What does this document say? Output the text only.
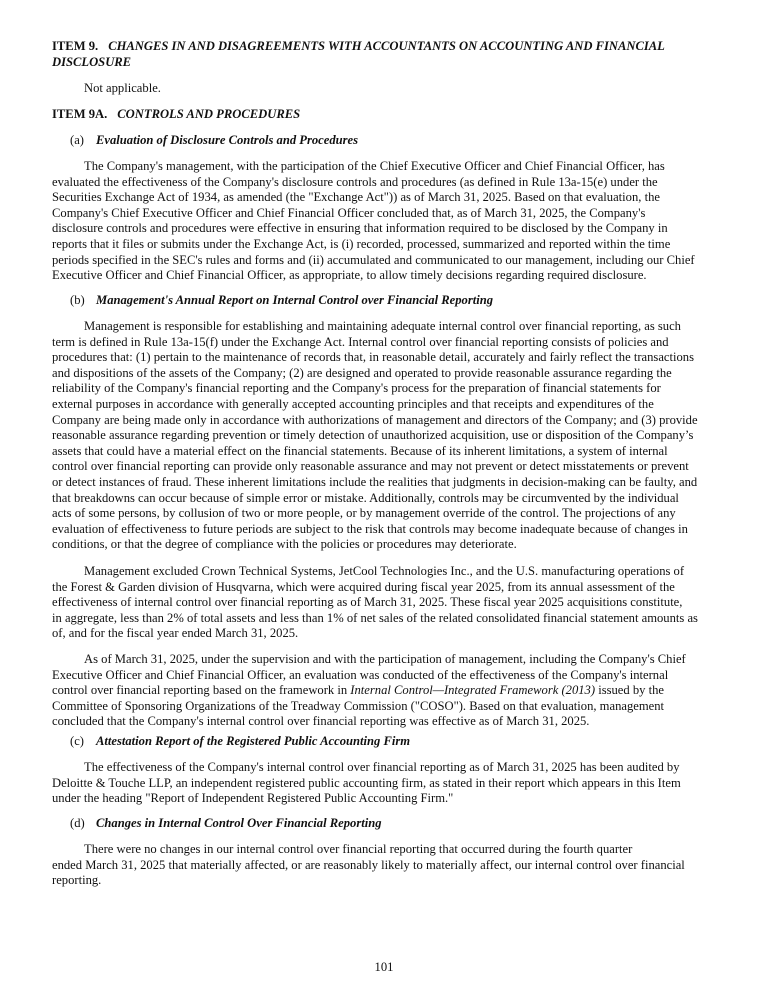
ITEM 9. CHANGES IN AND DISAGREEMENTS WITH ACCOUNTANTS ON ACCOUNTING AND FINANCIAL
DISCLOSURE
Not applicable.
ITEM 9A. CONTROLS AND PROCEDURES
(a) Evaluation of Disclosure Controls and Procedures
The Company's management, with the participation of the Chief Executive Officer and Chief Financial Officer, has
evaluated the effectiveness of the Company's disclosure controls and procedures (as defined in Rule 13a-15(e) under the
Securities Exchange Act of 1934, as amended (the "Exchange Act")) as of March 31, 2025. Based on that evaluation, the
Company's Chief Executive Officer and Chief Financial Officer concluded that, as of March 31, 2025, the Company's
disclosure controls and procedures were effective in ensuring that information required to be disclosed by the Company in
reports that it files or submits under the Exchange Act, is (i) recorded, processed, summarized and reported within the time
periods specified in the SEC's rules and forms and (ii) accumulated and communicated to our management, including our Chief
Executive Officer and Chief Financial Officer, as appropriate, to allow timely decisions regarding required disclosure.
(b) Management's Annual Report on Internal Control over Financial Reporting
Management is responsible for establishing and maintaining adequate internal control over financial reporting, as such
term is defined in Rule 13a-15(f) under the Exchange Act. Internal control over financial reporting consists of policies and
procedures that: (1) pertain to the maintenance of records that, in reasonable detail, accurately and fairly reflect the transactions
and dispositions of the assets of the Company; (2) are designed and operated to provide reasonable assurance regarding the
reliability of the Company's financial reporting and the Company's process for the preparation of financial statements for
external purposes in accordance with generally accepted accounting principles and that receipts and expenditures of the
Company are being made only in accordance with authorizations of management and directors of the Company; and (3) provide
reasonable assurance regarding prevention or timely detection of unauthorized acquisition, use or disposition of the Company’s
assets that could have a material effect on the financial statements. Because of its inherent limitations, a system of internal
control over financial reporting can provide only reasonable assurance and may not prevent or detect misstatements or prevent
or detect instances of fraud. These inherent limitations include the realities that judgments in decision-making can be faulty, and
that breakdowns can occur because of simple error or mistake. Additionally, controls may be circumvented by the individual
acts of some persons, by collusion of two or more people, or by management override of the control. The projections of any
evaluation of effectiveness to future periods are subject to the risk that controls may become inadequate because of changes in
conditions, or that the degree of compliance with the policies or procedures may deteriorate.
Management excluded Crown Technical Systems, JetCool Technologies Inc., and the U.S. manufacturing operations of
the Forest & Garden division of Husqvarna, which were acquired during fiscal year 2025, from its annual assessment of the
effectiveness of internal control over financial reporting as of March 31, 2025. These fiscal year 2025 acquisitions constitute,
in aggregate, less than 2% of total assets and less than 1% of net sales of the related consolidated financial statement amounts as
of, and for the fiscal year ended March 31, 2025.
As of March 31, 2025, under the supervision and with the participation of management, including the Company's Chief
Executive Officer and Chief Financial Officer, an evaluation was conducted of the effectiveness of the Company's internal
control over financial reporting based on the framework in Internal Control—Integrated Framework (2013) issued by the
Committee of Sponsoring Organizations of the Treadway Commission ("COSO"). Based on that evaluation, management
concluded that the Company's internal control over financial reporting was effective as of March 31, 2025.
(c) Attestation Report of the Registered Public Accounting Firm
The effectiveness of the Company's internal control over financial reporting as of March 31, 2025 has been audited by
Deloitte & Touche LLP, an independent registered public accounting firm, as stated in their report which appears in this Item
under the heading "Report of Independent Registered Public Accounting Firm."
(d) Changes in Internal Control Over Financial Reporting
There were no changes in our internal control over financial reporting that occurred during the fourth quarter
ended March 31, 2025 that materially affected, or are reasonably likely to materially affect, our internal control over financial
reporting.
101
